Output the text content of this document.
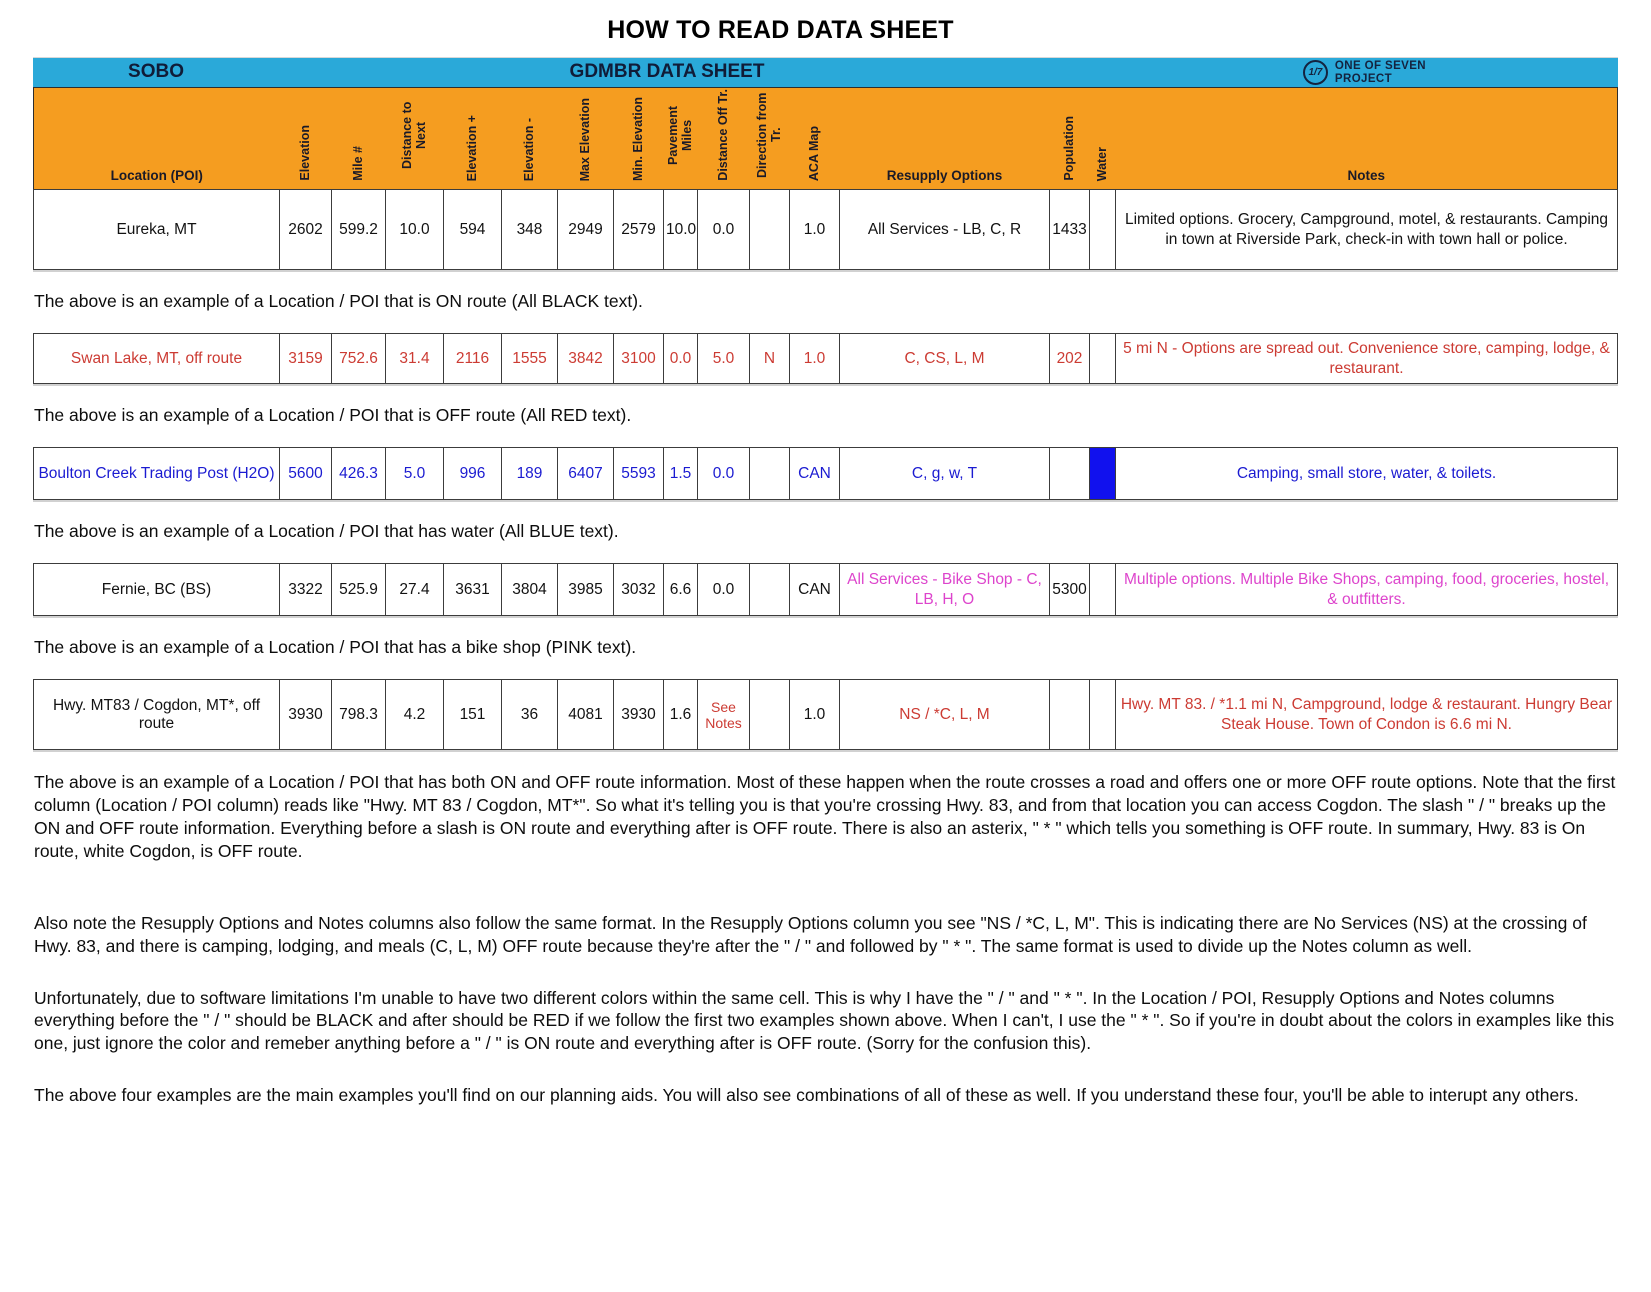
HOW TO READ DATA SHEET
SOBO	GDMBR DATA SHEET	1/7
ONE OF SEVEN
PROJECT
Location (POI)	Elevation	Mile #	Distance to Next	Elevation +	Elevation -	Max Elevation	Min. Elevation	Pavement Miles	Distance Off Tr.	Direction from Tr.	ACA Map	Resupply Options	Population	Water	Notes
Eureka, MT	2602	599.2	10.0	594	348	2949	2579	10.0	0.0		1.0	All Services - LB, C, R	1433		Limited options. Grocery, Campground, motel, & restaurants. Camping in town at Riverside Park, check-in with town hall or police.

The above is an example of a Location / POI that is ON route (All BLACK text).

Swan Lake, MT, off route	3159	752.6	31.4	2116	1555	3842	3100	0.0	5.0	N	1.0	C, CS, L, M	202		5 mi N - Options are spread out. Convenience store, camping, lodge, & restaurant.

The above is an example of a Location / POI that is OFF route (All RED text).

Boulton Creek Trading Post (H2O)	5600	426.3	5.0	996	189	6407	5593	1.5	0.0		CAN	C, g, w, T			Camping, small store, water, & toilets.

The above is an example of a Location / POI that has water (All BLUE text).

Fernie, BC (BS)	3322	525.9	27.4	3631	3804	3985	3032	6.6	0.0		CAN	All Services - Bike Shop - C, LB, H, O	5300		Multiple options. Multiple Bike Shops, camping, food, groceries, hostel, & outfitters.

The above is an example of a Location / POI that has a bike shop (PINK text).

Hwy. MT83 / Cogdon, MT*, off route	3930	798.3	4.2	151	36	4081	3930	1.6	See Notes		1.0	NS / *C, L, M			Hwy. MT 83. / *1.1 mi N, Campground, lodge & restaurant. Hungry Bear Steak House. Town of Condon is 6.6 mi N.

The above is an example of a Location / POI that has both ON and OFF route information. Most of these happen when the route crosses a road and offers one or more OFF route options. Note that the first column (Location / POI column) reads like "Hwy. MT 83 / Cogdon, MT*". So what it's telling you is that you're crossing Hwy. 83, and from that location you can access Cogdon. The slash " / " breaks up the ON and OFF route information. Everything before a slash is ON route and everything after is OFF route. There is also an asterix, " * " which tells you something is OFF route. In summary, Hwy. 83 is On route, white Cogdon, is OFF route.

Also note the Resupply Options and Notes columns also follow the same format. In the Resupply Options column you see "NS / *C, L, M". This is indicating there are No Services (NS) at the crossing of Hwy. 83, and there is camping, lodging, and meals (C, L, M) OFF route because they're after the " / " and followed by " * ". The same format is used to divide up the Notes column as well.

Unfortunately, due to software limitations I'm unable to have two different colors within the same cell. This is why I have the " / " and " * ". In the Location / POI, Resupply Options and Notes columns everything before the " / " should be BLACK and after should be RED if we follow the first two examples shown above. When I can't, I use the " * ". So if you're in doubt about the colors in examples like this one, just ignore the color and remeber anything before a " / " is ON route and everything after is OFF route. (Sorry for the confusion this).

The above four examples are the main examples you'll find on our planning aids. You will also see combinations of all of these as well. If you understand these four, you'll be able to interupt any others.
